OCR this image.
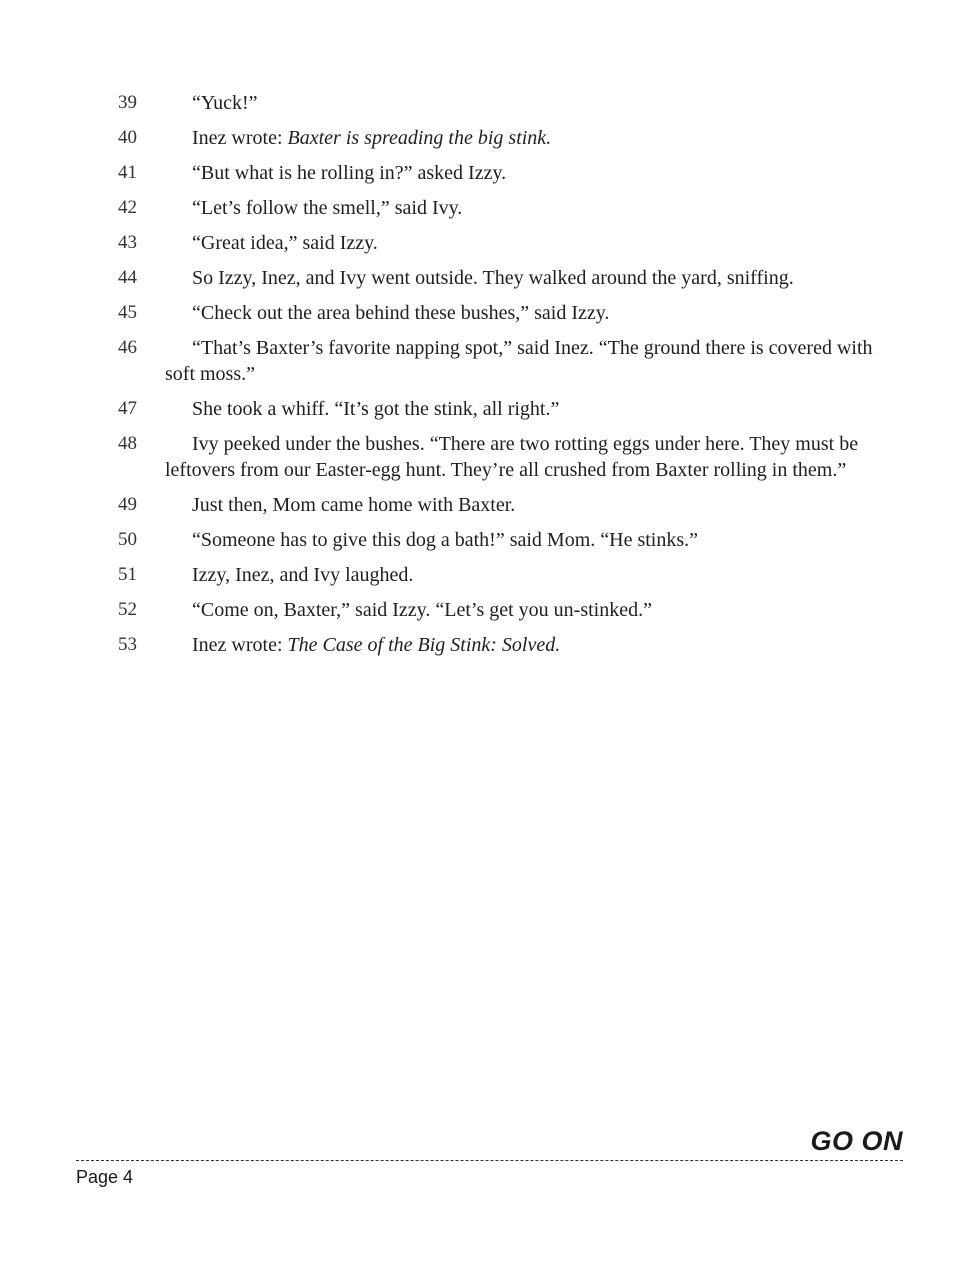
39	“Yuck!”
40	Inez wrote: Baxter is spreading the big stink.
41	“But what is he rolling in?” asked Izzy.
42	“Let’s follow the smell,” said Ivy.
43	“Great idea,” said Izzy.
44	So Izzy, Inez, and Ivy went outside. They walked around the yard, sniffing.
45	“Check out the area behind these bushes,” said Izzy.
46	“That’s Baxter’s favorite napping spot,” said Inez. “The ground there is covered with soft moss.”
47	She took a whiff. “It’s got the stink, all right.”
48	Ivy peeked under the bushes. “There are two rotting eggs under here. They must be leftovers from our Easter-egg hunt. They’re all crushed from Baxter rolling in them.”
49	Just then, Mom came home with Baxter.
50	“Someone has to give this dog a bath!” said Mom. “He stinks.”
51	Izzy, Inez, and Ivy laughed.
52	“Come on, Baxter,” said Izzy. “Let’s get you un-stinked.”
53	Inez wrote: The Case of the Big Stink: Solved.
GO ON
Page 4
